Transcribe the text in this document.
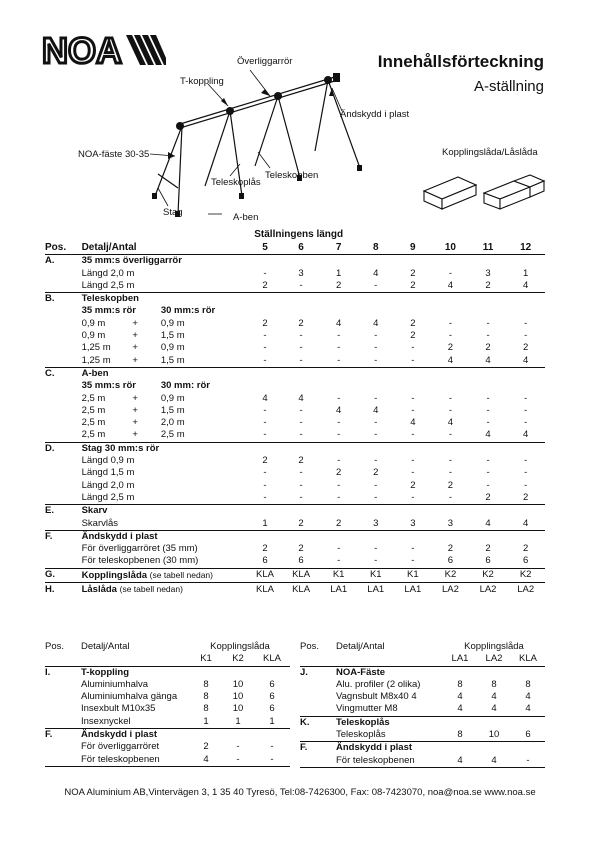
NOA	Innehållsförteckning
A-ställning
Överliggarrör
T-koppling
Ändskydd i plast
NOA-fäste 30-35
Teleskoplås
Teleskopben
Stag	A-ben
Kopplingslåda/Låslåda
				Ställningens längd							
Pos.	Detalj/Antal			5	6	7	8	9	10	11	12
A.	35 mm:s överliggarrör										
	Längd 2,0 m			-	3	1	4	2	-	3	1
	Längd 2,5 m			2	-	2	-	2	4	2	4
B.	Teleskopben										
	35 mm:s rör		30 mm:s rör								
	0,9 m	+	0,9 m	2	2	4	4	2	-	-	-
	0,9 m	+	1,5 m	-	-	-	-	2	-	-	-
	1,25 m	+	0,9 m	-	-	-	-	-	2	2	2
	1,25 m	+	1,5 m	-	-	-	-	-	4	4	4
C.	A-ben										
	35 mm:s rör		30 mm: rör								
	2,5 m	+	0,9 m	4	4	-	-	-	-	-	-
	2,5 m	+	1,5 m	-	-	4	4	-	-	-	-
	2,5 m	+	2,0 m	-	-	-	-	4	4	-	-
	2,5 m	+	2,5 m	-	-	-	-	-	-	4	4
D.	Stag 30 mm:s rör										
	Längd 0,9 m			2	2	-	-	-	-	-	-
	Längd 1,5 m			-	-	2	2	-	-	-	-
	Längd 2,0 m			-	-	-	-	2	2	-	-
	Längd 2,5 m			-	-	-	-	-	-	2	2
E.	Skarv										
	Skarvlås			1	2	2	3	3	3	4	4
F.	Ändskydd i plast										
	För överliggarröret (35 mm)			2	2	-	-	-	2	2	2
	För teleskopbenen (30 mm)			6	6	-	-	-	6	6	6
G.	Kopplingslåda (se tabell nedan)			KLA	KLA	K1	K1	K1	K2	K2	K2
H.	Låslåda (se tabell nedan)			KLA	KLA	LA1	LA1	LA1	LA2	LA2	LA2
Pos.	Detalj/Antal	Kopplingslåda		
		K1	K2	KLA
I.	T-koppling			
	Aluminiumhalva	8	10	6
	Aluminiumhalva gänga	8	10	6
	Insexbult M10x35	8	10	6
	Insexnyckel	1	1	1
F.	Ändskydd i plast			
	För överliggarröret	2	-	-
	För teleskopbenen	4	-	-

Pos.	Detalj/Antal	Kopplingslåda		
		LA1	LA2	KLA
J.	NOA-Fäste			
	Alu. profiler (2 olika)	8	8	8
	Vagnsbult M8x40 4	4	4	4
	Vingmutter M8	4	4	4
K.	Teleskoplås			
	Teleskoplås	8	10	6
F.	Ändskydd i plast			
	För teleskopbenen	4	4	-

NOA Aluminium AB,Vintervägen 3, 1 35 40 Tyresö, Tel:08-7426300, Fax: 08-7423070, noa@noa.se www.noa.se
